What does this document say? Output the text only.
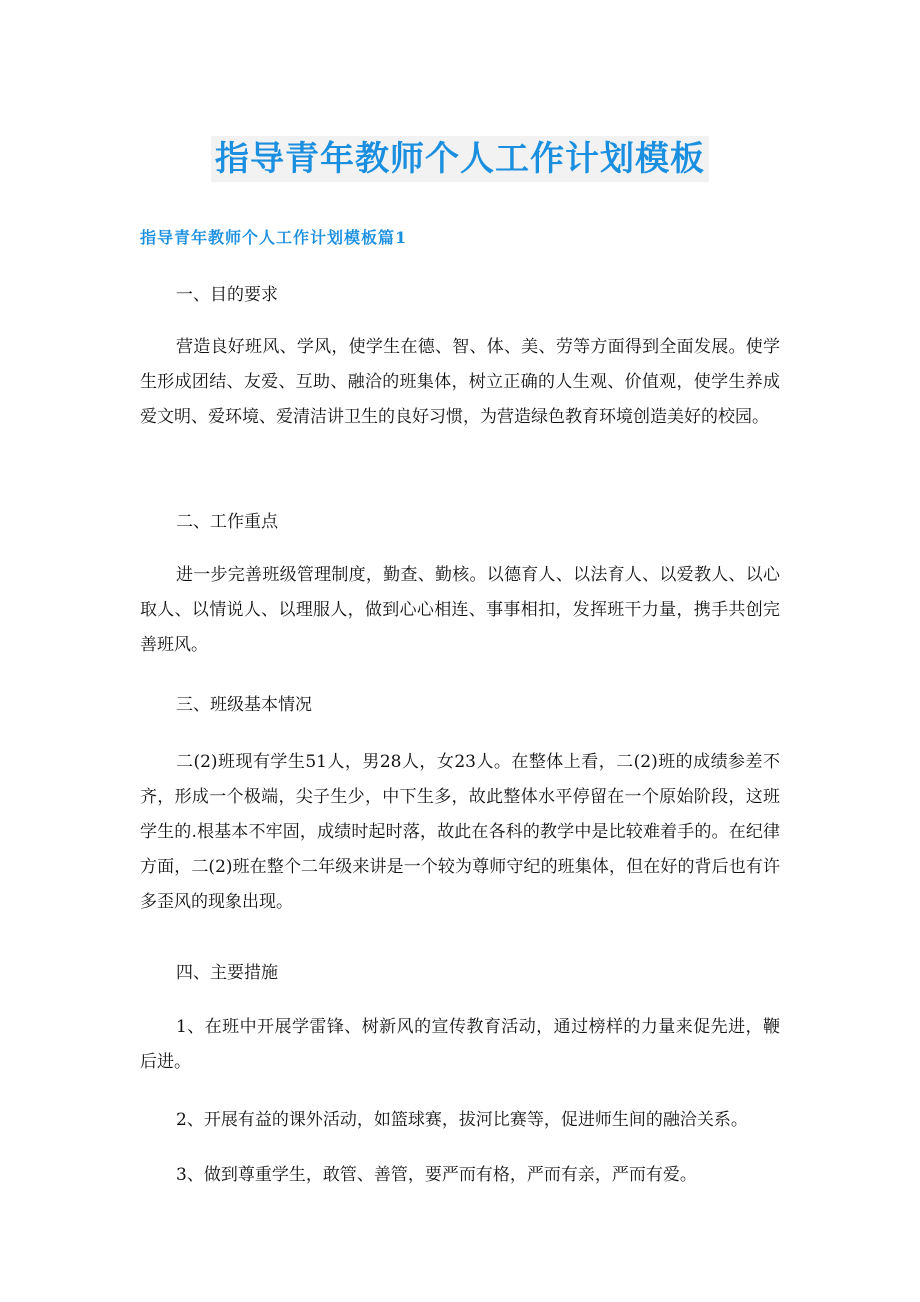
指导青年教师个人工作计划模板
指导青年教师个人工作计划模板篇1

一、目的要求

营造良好班风、学风，使学生在德、智、体、美、劳等方面得到全面发展。使学生形成团结、友爱、互助、融洽的班集体，树立正确的人生观、价值观，使学生养成爱文明、爱环境、爱清洁讲卫生的良好习惯，为营造绿色教育环境创造美好的校园。

二、工作重点

进一步完善班级管理制度，勤查、勤核。以德育人、以法育人、以爱教人、以心取人、以情说人、以理服人，做到心心相连、事事相扣，发挥班干力量，携手共创完善班风。

三、班级基本情况

二(2)班现有学生51人，男28人，女23人。在整体上看，二(2)班的成绩参差不齐，形成一个极端，尖子生少，中下生多，故此整体水平停留在一个原始阶段，这班学生的.根基本不牢固，成绩时起时落，故此在各科的教学中是比较难着手的。在纪律方面，二(2)班在整个二年级来讲是一个较为尊师守纪的班集体，但在好的背后也有许多歪风的现象出现。

四、主要措施

1、在班中开展学雷锋、树新风的宣传教育活动，通过榜样的力量来促先进，鞭后进。

2、开展有益的课外活动，如篮球赛，拔河比赛等，促进师生间的融洽关系。

3、做到尊重学生，敢管、善管，要严而有格，严而有亲，严而有爱。
